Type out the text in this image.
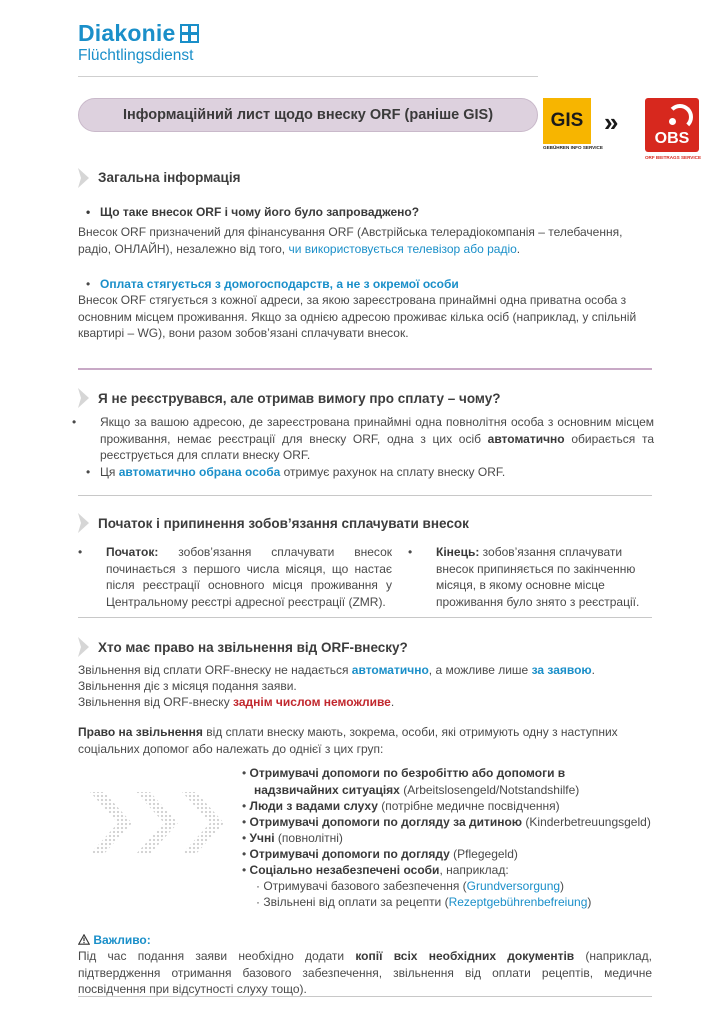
Diakonie
Flüchtlingsdienst
Інформаційний лист щодо внеску ORF (раніше GIS)	GIS
GEBÜHREN INFO SERVICE
»
OBS
ORF BEITRAGS SERVICE
Загальна інформація
• Що таке внесок ORF і чому його було запроваджено?
Внесок ORF призначений для фінансування ORF (Австрійська телерадіокомпанія – телебачення, радіо, ОНЛАЙН), незалежно від того, чи використовується телевізор або радіо.
• Оплата стягується з домогосподарств, а не з окремої особи
Внесок ORF стягується з кожної адреси, за якою зареєстрована принаймні одна приватна особа з основним місцем проживання. Якщо за однією адресою проживає кілька осіб (наприклад, у спільній квартирі – WG), вони разом зобов’язані сплачувати внесок.
Я не реєструвався, але отримав вимогу про сплату – чому?
• Якщо за вашою адресою, де зареєстрована принаймні одна повнолітня особа з основним місцем проживання, немає реєстрації для внеску ORF, одна з цих осіб автоматично обирається та реєструється для сплати внеску ORF.
• Ця автоматично обрана особа отримує рахунок на сплату внеску ORF.
Початок і припинення зобов’язання сплачувати внесок
• Початок: зобов’язання сплачувати внесок починається з першого числа місяця, що настає після реєстрації основного місця проживання у Центральному реєстрі адресної реєстрації (ZMR).
• Кінець: зобов’язання сплачувати внесок припиняється по закінченню місяця, в якому основне місце проживання було знято з реєстрації.
Хто має право на звільнення від ORF-внеску?
Звільнення від сплати ORF-внеску не надається автоматично, а можливе лише за заявою.
Звільнення діє з місяця подання заяви.
Звільнення від ORF-внеску заднім числом неможливе.
Право на звільнення від сплати внеску мають, зокрема, особи, які отримують одну з наступних соціальних допомог або належать до однієї з цих груп:
• Отримувачі допомоги по безробіттю або допомоги в надзвичайних ситуаціях (Arbeitslosengeld/Notstandshilfe)
• Люди з вадами слуху (потрібне медичне посвідчення)
• Отримувачі допомоги по догляду за дитиною (Kinderbetreuungsgeld)
• Учні (повнолітні)
• Отримувачі допомоги по догляду (Pflegegeld)
• Соціально незабезпечені особи, наприклад:
· Отримувачі базового забезпечення (Grundversorgung)
· Звільнені від оплати за рецепти (Rezeptgebührenbefreiung)
Важливо:
Під час подання заяви необхідно додати копії всіх необхідних документів (наприклад, підтвердження отримання базового забезпечення, звільнення від оплати рецептів, медичне посвідчення при відсутності слуху тощо).
